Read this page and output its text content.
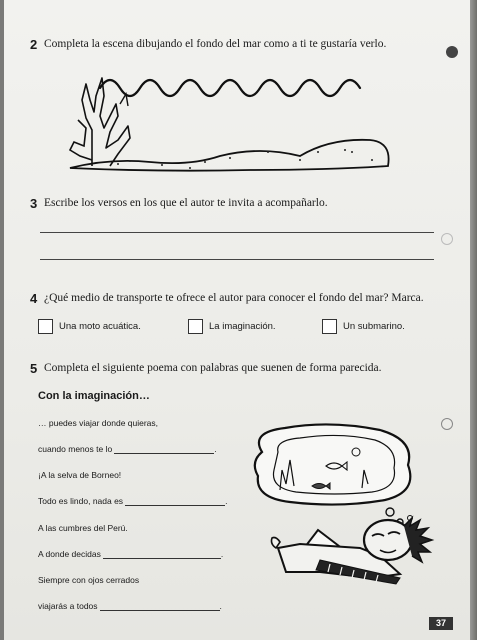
2 Completa la escena dibujando el fondo del mar como a ti te gustaría verlo.
3 Escribe los versos en los que el autor te invita a acompañarlo.
4 ¿Qué medio de transporte te ofrece el autor para conocer el fondo del mar? Marca.
Una moto acuática.	La imaginación.	Un submarino.
5 Completa el siguiente poema con palabras que suenen de forma parecida.
Con la imaginación…
… puedes viajar donde quieras,
cuando menos te lo	.
¡A la selva de Borneo!
Todo es lindo, nada es	.
A las cumbres del Perú.
A donde decidas	.
Siempre con ojos cerrados
viajarás a todos	.
37
